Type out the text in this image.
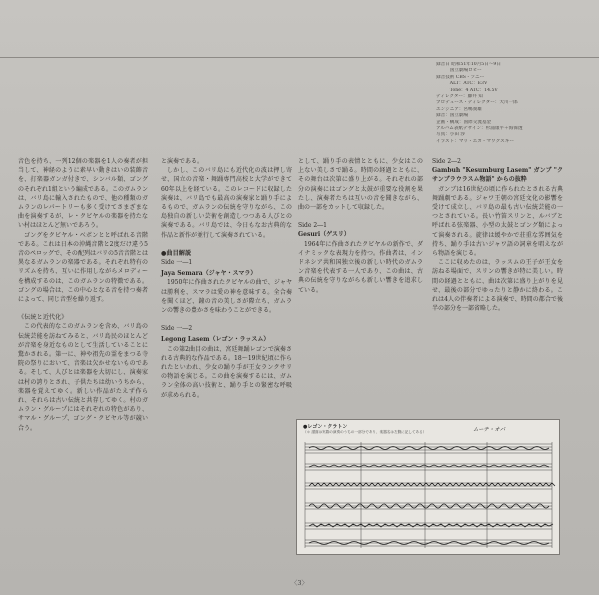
録音日 昭和51年10月5日～9日
　　　国立劇場ロビー
録音技術 CBS・ソニー
　　　ALT：ATC：E3V
　　　Tone：4 ATC：14.5V
ディレクター：藤井 知
プロデュース・ディレクター：大川一郎
エンジニア：宮嶋義雄
録音：国立劇場
企画・構成：国際交流基金
アルバム表紙デザイン：杉浦康平＋海保透
写真：小田 渉
イラスト：マリ・エカ・マワクスキー

音色を持ち、一列12個の楽器を1人の奏者が担当して、神経のように素早い動きはいの装飾音を、打楽器ガンガ付きで、シンバル類、ゴングのそれぞれ1組という編成である。このガムランは、バリ島に輸入されたもので、他の種類のガムランのレパートリーも多く受けてさまざまな曲を演奏するが、レ・クビヤルの楽器を持たない村はほとんど無いであろう。

ゴングをクビヤル・ベボンとと呼ばれる音階である。これは日本の沖縄音階と2度だけ違う5音のペロッグで、その配列はバリの5音音階とは異なるガムランの楽器である。それぞれ特有のリズムを持ち、互いに作用しながらメロディーを構成するのは、このガムランの特徴である。ゴングの場合は、この中心となる音を持つ奏者によって、同じ音型を繰り返す。

《伝統と近代化》

この代表的なこのガムランを含め、バリ島の伝統芸能を訪ねてみると、バリ島民のほとんどが音楽を身近なものとして生活していることに驚かされる。第一に、神や祖先の霊をまつる寺院の祭りにおいて、音楽は欠かせないものである。そして、人びとは楽器を大切にし、演奏家は村の誇りとされ、子供たちは幼いうちから、楽器を覚えてゆく。新しい作品がたえず作られ、それらは古い伝統と共存してゆく。村のガムラン・グループにはそれぞれの特色があり、サマル・グループ、ゴング・クビヤル等が競い合う。

と演奏である。

しかし、このバリ島にも近代化の波は押し寄せ、国立の音楽・舞踊専門高校と大学ができて60年以上を経ている。このレコードに収録した演奏は、バリ島でも最高の演奏家と踊り手によるもので、ガムランの伝統を守りながら、この島独自の新しい芸術を創造しつつある人びとの演奏である。バリ島では、今日もなお古典的な作品と新作が並行して演奏されている。

●曲目解説

Side 一―1

Jaya Semara（ジャヤ・スマラ）

1950年に作曲されたクビヤルの曲で、ジャヤは勝利を、スマラは愛の神を意味する。全合奏を聞くほど、鐘の音の美しさが際立ち、ガムランの響きの豊かさを味わうことができる。

Side 一―2

Legong Lasem（レゴン・ラッスム）

この第2曲目の曲は、宮廷舞踊レゴンで演奏される古典的な作品である。18～19世紀頃に作られたといわれ、少女の踊り手が王女ランクサリの物語を演じる。この曲を演奏するには、ガムラン全体の高い技術と、踊り手との緊密な呼吸が求められる。

として、踊り手の表情とともに、少女はこの上ない美しさで踊る。時間の経過とともに、その舞台は次第に盛り上がる。それぞれの部分の演奏にはゴングと太鼓が重要な役割を果たし、演奏者たちは互いの音を聞きながら、曲の一部をカットして収録した。

Side 2―1

Gesuri（ゲスリ）

1964年に作曲されたクビヤルの新作で、ダイナミックな表現力を持つ。作曲者は、インドネシア共和国独立後の新しい時代のガムラン音楽を代表する一人であり、この曲は、古典の伝統を守りながらも新しい響きを追求している。

Side 2―2

Gambuh "Kesumburg Lasem" ガンブ "クサンブラウラスム物語" からの抜粋

ガンブは16世紀の頃に作られたとされる古典舞踊劇である。ジャワ王朝の宮廷文化の影響を受けて成立し、バリ島の最も古い伝統芸能の一つとされている。長い竹笛スリンと、ルバブと呼ばれる弦楽器、小型の太鼓とゴング類によって演奏される。旋律は緩やかで荘重な雰囲気を持ち、踊り手は古いジャワ語の詞章を唱えながら物語を演じる。

ここに収めたのは、ラッスムの王子が王女を訪ねる場面で、スリンの響きが特に美しい。時間の経過とともに、曲は次第に盛り上がりを見せ、最後の部分でゆったりと静かに終わる。これは4人の伴奏者による演奏で、時間の都合で後半の部分を一部省略した。

●レゴン・クラトン
（＊ 譜面は実際の演奏のうちの一部分であり、楽器名は左側に記してある）	ムーチ・オバ
〈3〉
